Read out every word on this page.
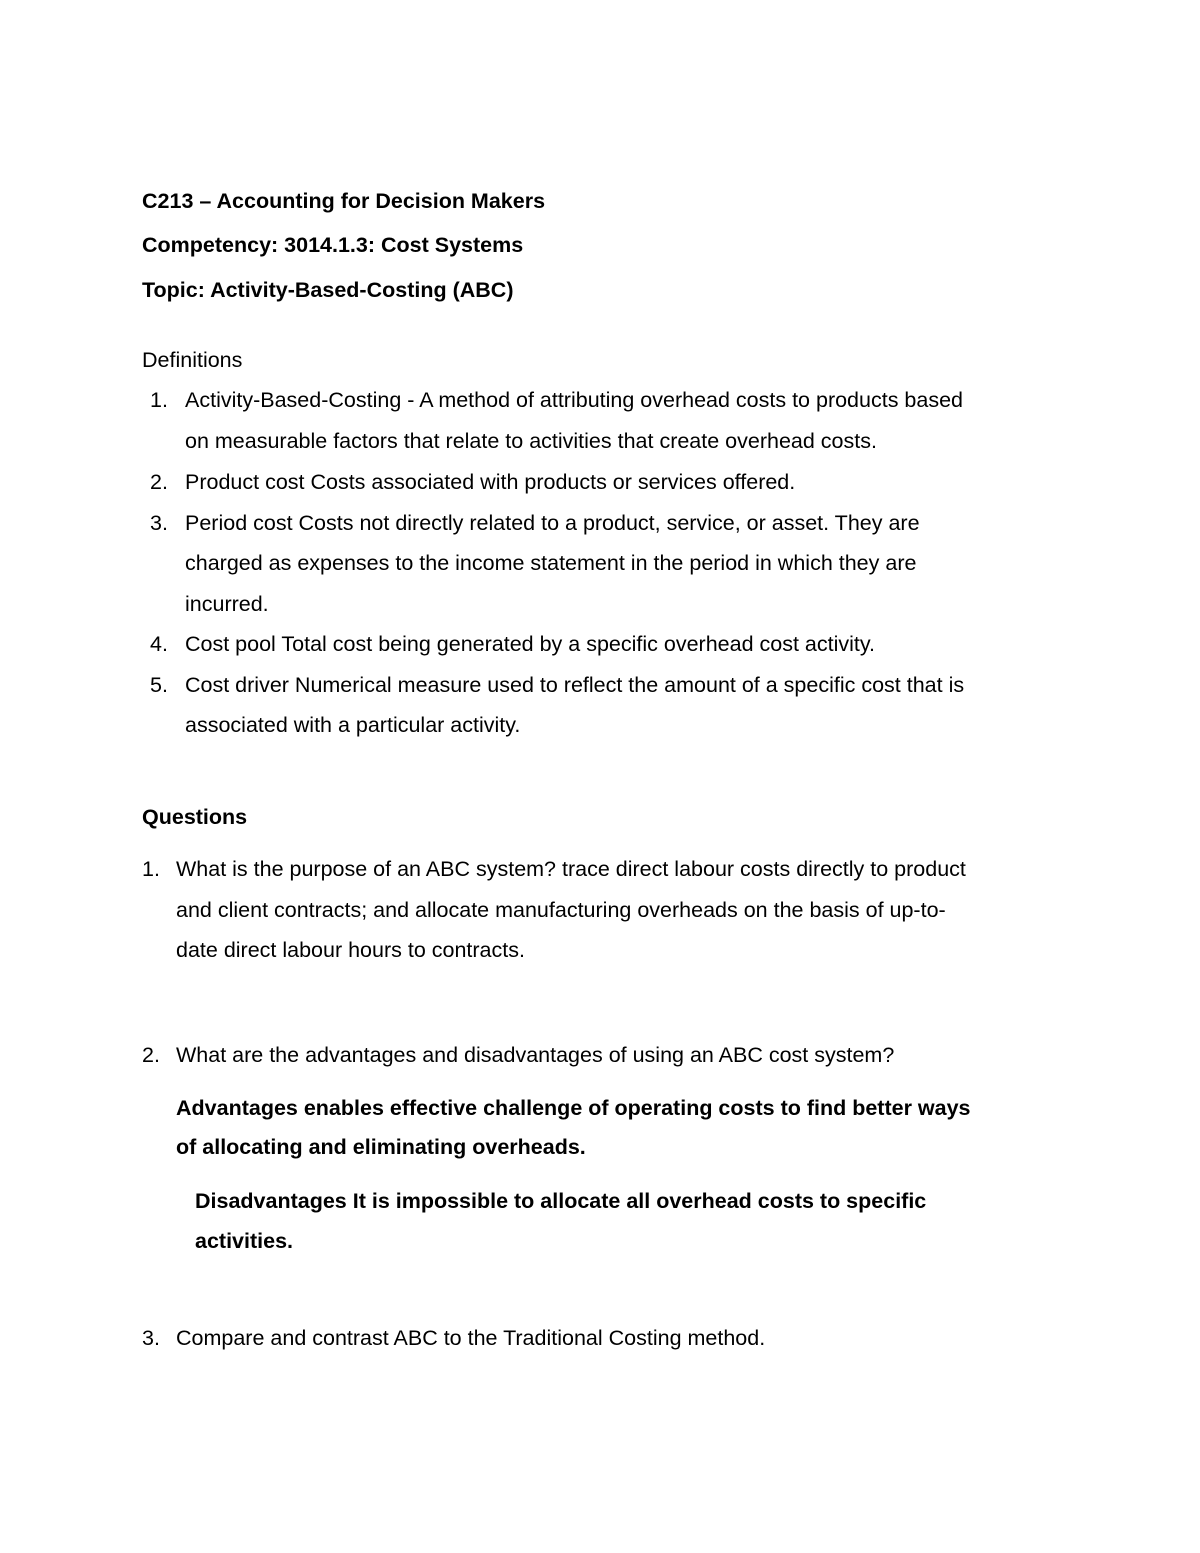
C213 – Accounting for Decision Makers
Competency: 3014.1.3: Cost Systems
Topic: Activity-Based-Costing (ABC)
Definitions
1. Activity-Based-Costing - A method of attributing overhead costs to products based
on measurable factors that relate to activities that create overhead costs.
2. Product cost Costs associated with products or services offered.
3. Period cost Costs not directly related to a product, service, or asset. They are
charged as expenses to the income statement in the period in which they are
incurred.
4. Cost pool Total cost being generated by a specific overhead cost activity.
5. Cost driver Numerical measure used to reflect the amount of a specific cost that is
associated with a particular activity.
Questions
1. What is the purpose of an ABC system? trace direct labour costs directly to product
and client contracts; and allocate manufacturing overheads on the basis of up-to-
date direct labour hours to contracts.
2. What are the advantages and disadvantages of using an ABC cost system?
Advantages enables effective challenge of operating costs to find better ways
of allocating and eliminating overheads.
Disadvantages It is impossible to allocate all overhead costs to specific
activities.
3. Compare and contrast ABC to the Traditional Costing method.
